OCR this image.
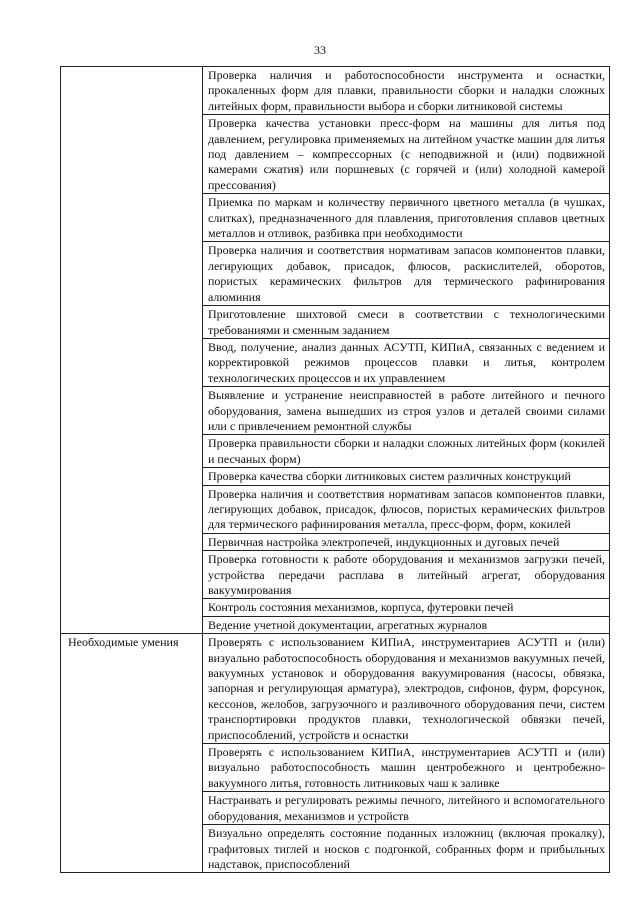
33
	Проверка наличия и работоспособности инструмента и оснастки, прокаленных форм для плавки, правильности сборки и наладки сложных литейных форм, правильности выбора и сборки литниковой системы
	Проверка качества установки пресс-форм на машины для литья под давлением, регулировка применяемых на литейном участке машин для литья под давлением – компрессорных (с неподвижной и (или) подвижной камерами сжатия) или поршневых (с горячей и (или) холодной камерой прессования)
	Приемка по маркам и количеству первичного цветного металла (в чушках, слитках), предназначенного для плавления, приготовления сплавов цветных металлов и отливок, разбивка при необходимости
	Проверка наличия и соответствия нормативам запасов компонентов плавки, легирующих добавок, присадок, флюсов, раскислителей, оборотов, пористых керамических фильтров для термического рафинирования алюминия
	Приготовление шихтовой смеси в соответствии с технологическими требованиями и сменным заданием
	Ввод, получение, анализ данных АСУТП, КИПиА, связанных с ведением и корректировкой режимов процессов плавки и литья, контролем технологических процессов и их управлением
	Выявление и устранение неисправностей в работе литейного и печного оборудования, замена вышедших из строя узлов и деталей своими силами или с привлечением ремонтной службы
	Проверка правильности сборки и наладки сложных литейных форм (кокилей и песчаных форм)
	Проверка качества сборки литниковых систем различных конструкций
	Проверка наличия и соответствия нормативам запасов компонентов плавки, легирующих добавок, присадок, флюсов, пористых керамических фильтров для термического рафинирования металла, пресс-форм, форм, кокилей
	Первичная настройка электропечей, индукционных и дуговых печей
	Проверка готовности к работе оборудования и механизмов загрузки печей, устройства передачи расплава в литейный агрегат, оборудования вакуумирования
	Контроль состояния механизмов, корпуса, футеровки печей
	Ведение учетной документации, агрегатных журналов
Необходимые умения	Проверять с использованием КИПиА, инструментариев АСУТП и (или) визуально работоспособность оборудования и механизмов вакуумных печей, вакуумных установок и оборудования вакуумирования (насосы, обвязка, запорная и регулирующая арматура), электродов, сифонов, фурм, форсунок, кессонов, желобов, загрузочного и разливочного оборудования печи, систем транспортировки продуктов плавки, технологической обвязки печей, приспособлений, устройств и оснастки
	Проверять с использованием КИПиА, инструментариев АСУТП и (или) визуально работоспособность машин центробежного и центробежно-вакуумного литья, готовность литниковых чаш к заливке
	Настраивать и регулировать режимы печного, литейного и вспомогательного оборудования, механизмов и устройств
	Визуально определять состояние поданных изложниц (включая прокалку), графитовых тиглей и носков с подгонкой, собранных форм и прибыльных надставок, приспособлений
